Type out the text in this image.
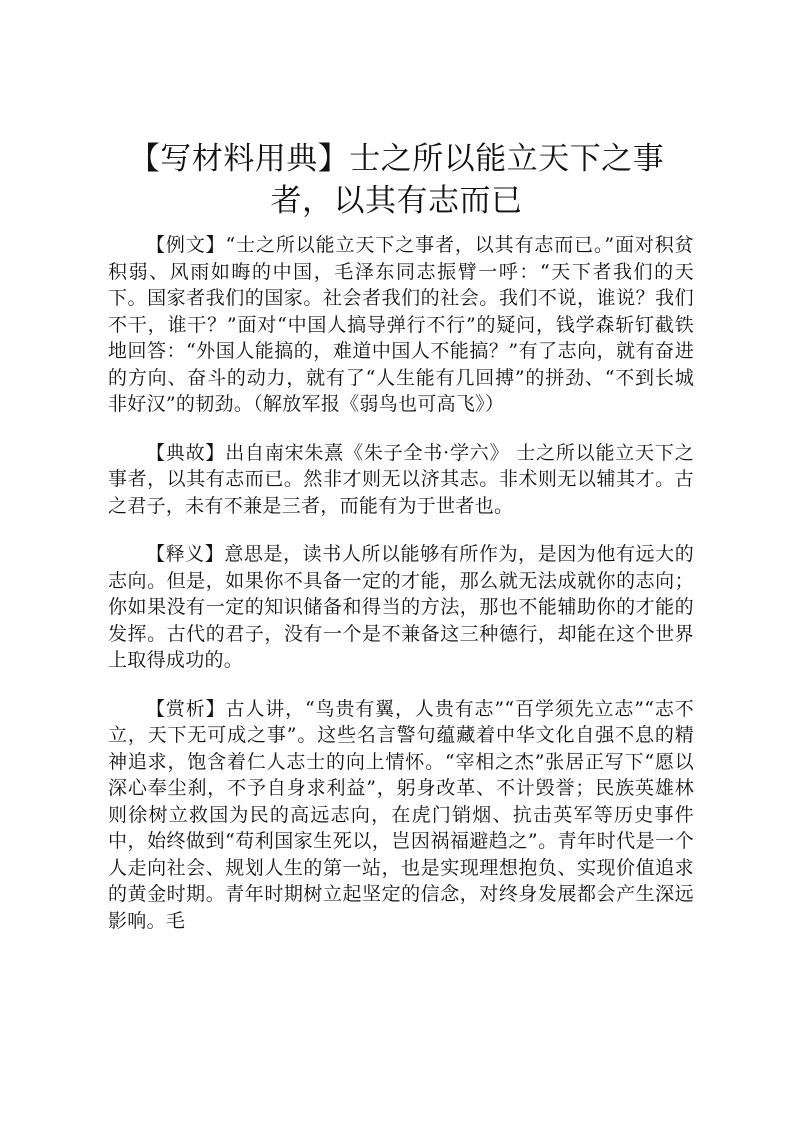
【写材料用典】士之所以能立天下之事者，以其有志而已

【例文】“士之所以能立天下之事者，以其有志而已。”面对积贫积弱、风雨如晦的中国，毛泽东同志振臂一呼：“天下者我们的天下。国家者我们的国家。社会者我们的社会。我们不说，谁说？我们不干，谁干？”面对“中国人搞导弹行不行”的疑问，钱学森斩钉截铁地回答：“外国人能搞的，难道中国人不能搞？”有了志向，就有奋进的方向、奋斗的动力，就有了“人生能有几回搏”的拼劲、“不到长城非好汉”的韧劲。（解放军报《弱鸟也可高飞》）

【典故】出自南宋朱熹《朱子全书·学六》 士之所以能立天下之事者，以其有志而已。然非才则无以济其志。非术则无以辅其才。古之君子，未有不兼是三者，而能有为于世者也。

【释义】意思是，读书人所以能够有所作为，是因为他有远大的志向。但是，如果你不具备一定的才能，那么就无法成就你的志向；你如果没有一定的知识储备和得当的方法，那也不能辅助你的才能的发挥。古代的君子，没有一个是不兼备这三种德行，却能在这个世界上取得成功的。

【赏析】古人讲，“鸟贵有翼，人贵有志”“百学须先立志”“志不立，天下无可成之事”。这些名言警句蕴藏着中华文化自强不息的精神追求，饱含着仁人志士的向上情怀。“宰相之杰”张居正写下“愿以深心奉尘刹，不予自身求利益”，躬身改革、不计毁誉；民族英雄林则徐树立救国为民的高远志向，在虎门销烟、抗击英军等历史事件中，始终做到“苟利国家生死以，岂因祸福避趋之”。青年时代是一个人走向社会、规划人生的第一站，也是实现理想抱负、实现价值追求的黄金时期。青年时期树立起坚定的信念，对终身发展都会产生深远影响。毛
